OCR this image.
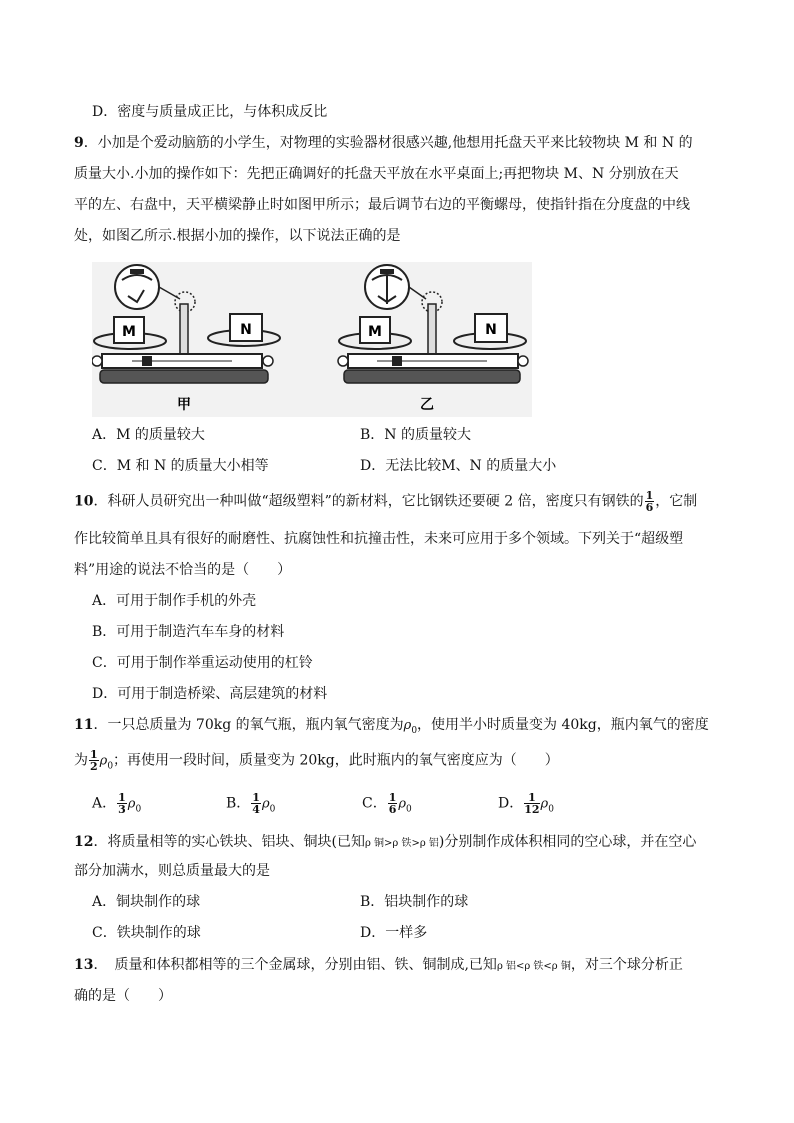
D．密度与质量成正比，与体积成反比
9．小加是个爱动脑筋的小学生，对物理的实验器材很感兴趣,他想用托盘天平来比较物块 M 和 N 的
质量大小.小加的操作如下：先把正确调好的托盘天平放在水平桌面上;再把物块 M、N 分别放在天
平的左、右盘中，天平横梁静止时如图甲所示；最后调节右边的平衡螺母，使指针指在分度盘的中线
处，如图乙所示.根据小加的操作，以下说法正确的是
M	N
甲
M	N
乙
A．M 的质量较大	B．N 的质量较大
C．M 和 N 的质量大小相等	D．无法比较M、N 的质量大小
10．科研人员研究出一种叫做“超级塑料”的新材料，它比钢铁还要硬 2 倍，密度只有钢铁的 $\frac{1}{6}$ ，它制
作比较简单且具有很好的耐磨性、抗腐蚀性和抗撞击性，未来可应用于多个领域。下列关于“超级塑
料”用途的说法不恰当的是（　　）
A．可用于制作手机的外壳
B．可用于制造汽车车身的材料
C．可用于制作举重运动使用的杠铃
D．可用于制造桥梁、高层建筑的材料
11．一只总质量为 70kg 的氧气瓶，瓶内氧气密度为$\rho_0$，使用半小时质量变为 40kg，瓶内氧气的密度
为 $\frac{1}{2} \rho_0$；再使用一段时间，质量变为 20kg，此时瓶内的氧气密度应为（　　）
A． $\frac{1}{3} \rho_0$	B． $\frac{1}{4} \rho_0$	C． $\frac{1}{6} \rho_0$	D． $\frac{1}{12} \rho_0$
12．将质量相等的实心铁块、铝块、铜块(已知ρ 铜>ρ 铁>ρ 铝)分别制作成体积相同的空心球，并在空心
部分加满水，则总质量最大的是
A．铜块制作的球	B．铝块制作的球
C．铁块制作的球	D．一样多
13．　质量和体积都相等的三个金属球，分别由铝、铁、铜制成,已知ρ 铝<ρ 铁<ρ 铜，对三个球分析正
确的是（　　）
